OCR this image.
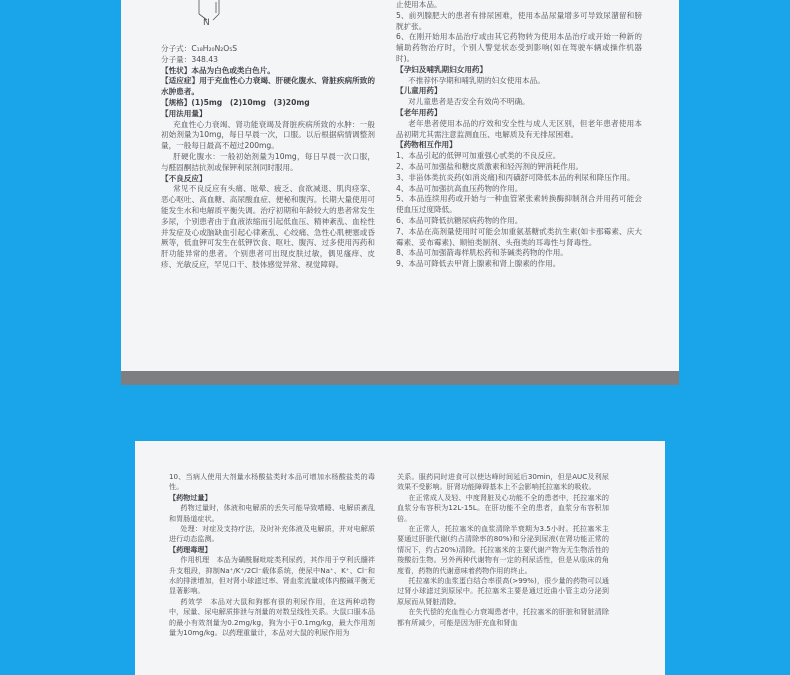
N

分子式：C₁₈H₂₀N₂O₅S

分子量：348.43

【性状】本品为白色或类白色片。

【适应症】用于充血性心力衰竭、肝硬化腹水、肾脏疾病所致的水肿患者。

【规格】(1)5mg　(2)10mg　(3)20mg

【用法用量】

充血性心力衰竭、肾功能衰竭及肾脏疾病所致的水肿：一般初始剂量为10mg，每日早晨一次，口服。以后根据病情调整剂量，一般每日最高不超过200mg。

肝硬化腹水：一般初始剂量为10mg，每日早晨一次口服，与醛固酮拮抗剂或保钾利尿剂同时服用。

【不良反应】

常见不良反应有头痛、眩晕、疲乏、食欲减退、肌肉痉挛、恶心呕吐、高血糖、高尿酸血症、便秘和腹泻。长期大量使用可能发生水和电解质平衡失调。治疗初期和年龄较大的患者常发生多尿，个别患者由于血液浓缩而引起低血压、精神紊乱、血栓性并发症及心或脑缺血引起心律紊乱、心绞痛、急性心肌梗塞或昏厥等，低血钾可发生在低钾饮食、呕吐、腹泻、过多使用泻药和肝功能异常的患者。个别患者可出现皮肤过敏，偶见瘙痒、皮疹、光敏反应，罕见口干、肢体感觉异常、视觉障碍。

止使用本品。

5、前列腺肥大的患者有排尿困难，使用本品尿量增多可导致尿潴留和膀胱扩张。

6、在刚开始用本品治疗或由其它药物转为使用本品治疗或开始一种新的辅助药物治疗时，个别人警觉状态受到影响(如在驾驶车辆或操作机器时)。

【孕妇及哺乳期妇女用药】

不推荐怀孕期和哺乳期的妇女使用本品。

【儿童用药】

对儿童患者是否安全有效尚不明确。

【老年用药】

老年患者使用本品的疗效和安全性与成人无区别，但老年患者使用本品初期尤其需注意监测血压、电解质及有无排尿困难。

【药物相互作用】

1、本品引起的低钾可加重强心甙类的不良反应。

2、本品可加强盐和糖皮质激素和轻泻剂的钾消耗作用。

3、非甾体类抗炎药(如消炎痛)和丙磺舒可降低本品的利尿和降压作用。

4、本品可加强抗高血压药物的作用。

5、本品连续用药或开始与一种血管紧张素转换酶抑制剂合并用药可能会使血压过度降低。

6、本品可降低抗糖尿病药物的作用。

7、本品在高剂量使用时可能会加重氨基糖甙类抗生素(如卡那霉素、庆大霉素、妥布霉素)、顺铂类制剂、头孢类的耳毒性与肾毒性。

8、本品可加强箭毒样肌松药和茶碱类药物的作用。

9、本品可降低去甲肾上腺素和肾上腺素的作用。

10、当病人使用大剂量水杨酸盐类时本品可增加水杨酸盐类的毒性。

【药物过量】

药物过量时，体液和电解质的丢失可能导致嗜睡、电解质紊乱和胃肠道症状。

处理：对症及支持疗法，及时补充体液及电解质，并对电解质进行动态监测。

【药理毒理】

作用机理　本品为磺酰脲吡啶类利尿药，其作用于亨利氏髓袢升支粗段，抑制Na⁺/K⁺/2Cl⁻载体系统，使尿中Na⁺、K⁺、Cl⁻和水的排泄增加，但对肾小球滤过率、肾血浆流量或体内酸碱平衡无显著影响。

药效学　本品对大鼠和狗都有很的利尿作用，在这两种动物中，尿量、尿电解质排泄与剂量的对数呈线性关系。大鼠口服本品的最小有效剂量为0.2mg/kg，狗为小于0.1mg/kg，最大作用剂量为10mg/kg。以药理重量计，本品对大鼠的利尿作用为

关系。服药同时进食可以使达峰时间延后30min，但是AUC及利尿效果不受影响。肝肾功能障碍基本上不会影响托拉塞米的吸收。

在正常成人及轻、中度肾脏及心功能不全的患者中，托拉塞米的血浆分布容积为12L-15L。在肝功能不全的患者，血浆分布容积加倍。

在正常人，托拉塞米的血浆清除半衰期为3.5小时。托拉塞米主要通过肝脏代谢(约占清除率的80%)和分泌到尿液(在肾功能正常的情况下，约占20%)清除。托拉塞米的主要代谢产物为无生物活性的羧酸衍生物。另外两种代谢物有一定的利尿活性，但是从临床的角度看，药物的代谢意味着药物作用的终止。

托拉塞米的血浆蛋白结合率很高(>99%)，很少量的药物可以通过肾小球滤过到原尿中。托拉塞米主要是通过近曲小管主动分泌到原尿而从肾脏清除。

在失代偿的充血性心力衰竭患者中，托拉塞米的肝脏和肾脏清除都有所减少，可能是因为肝充血和肾血
